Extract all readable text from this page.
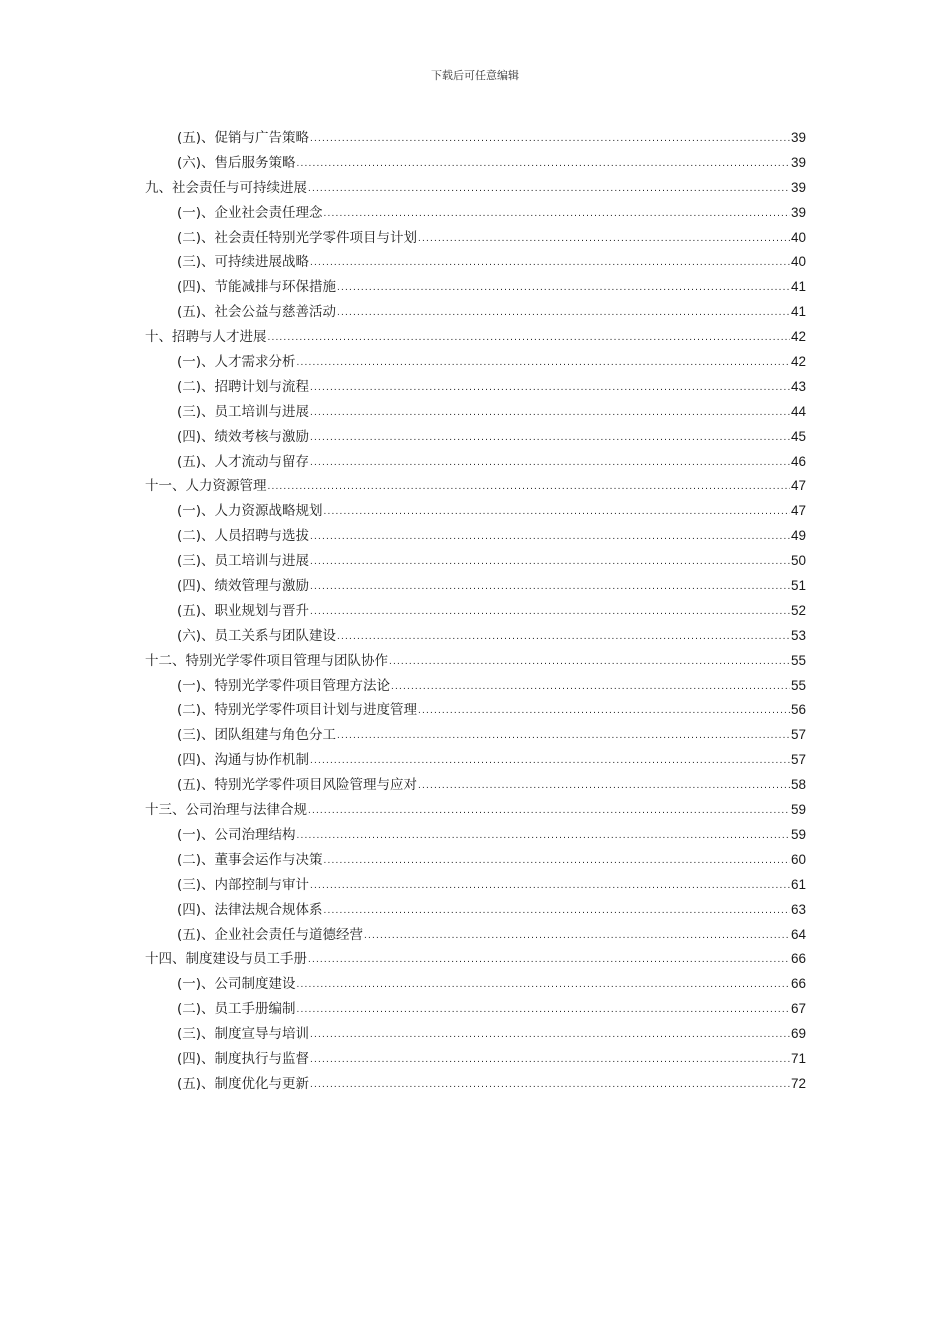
下载后可任意编辑
(五)、促销与广告策略 .....	39
(六)、售后服务策略 .....	39
九、社会责任与可持续进展 .....	39
(一)、企业社会责任理念 .....	39
(二)、社会责任特别光学零件项目与计划 .....	40
(三)、可持续进展战略 .....	40
(四)、节能减排与环保措施 .....	41
(五)、社会公益与慈善活动 .....	41
十、招聘与人才进展 .....	42
(一)、人才需求分析 .....	42
(二)、招聘计划与流程 .....	43
(三)、员工培训与进展 .....	44
(四)、绩效考核与激励 .....	45
(五)、人才流动与留存 .....	46
十一、人力资源管理 .....	47
(一)、人力资源战略规划 .....	47
(二)、人员招聘与选拔 .....	49
(三)、员工培训与进展 .....	50
(四)、绩效管理与激励 .....	51
(五)、职业规划与晋升 .....	52
(六)、员工关系与团队建设 .....	53
十二、特别光学零件项目管理与团队协作 .....	55
(一)、特别光学零件项目管理方法论 .....	55
(二)、特别光学零件项目计划与进度管理 .....	56
(三)、团队组建与角色分工 .....	57
(四)、沟通与协作机制 .....	57
(五)、特别光学零件项目风险管理与应对 .....	58
十三、公司治理与法律合规 .....	59
(一)、公司治理结构 .....	59
(二)、董事会运作与决策 .....	60
(三)、内部控制与审计 .....	61
(四)、法律法规合规体系 .....	63
(五)、企业社会责任与道德经营 .....	64
十四、制度建设与员工手册 .....	66
(一)、公司制度建设 .....	66
(二)、员工手册编制 .....	67
(三)、制度宣导与培训 .....	69
(四)、制度执行与监督 .....	71
(五)、制度优化与更新 .....	72
